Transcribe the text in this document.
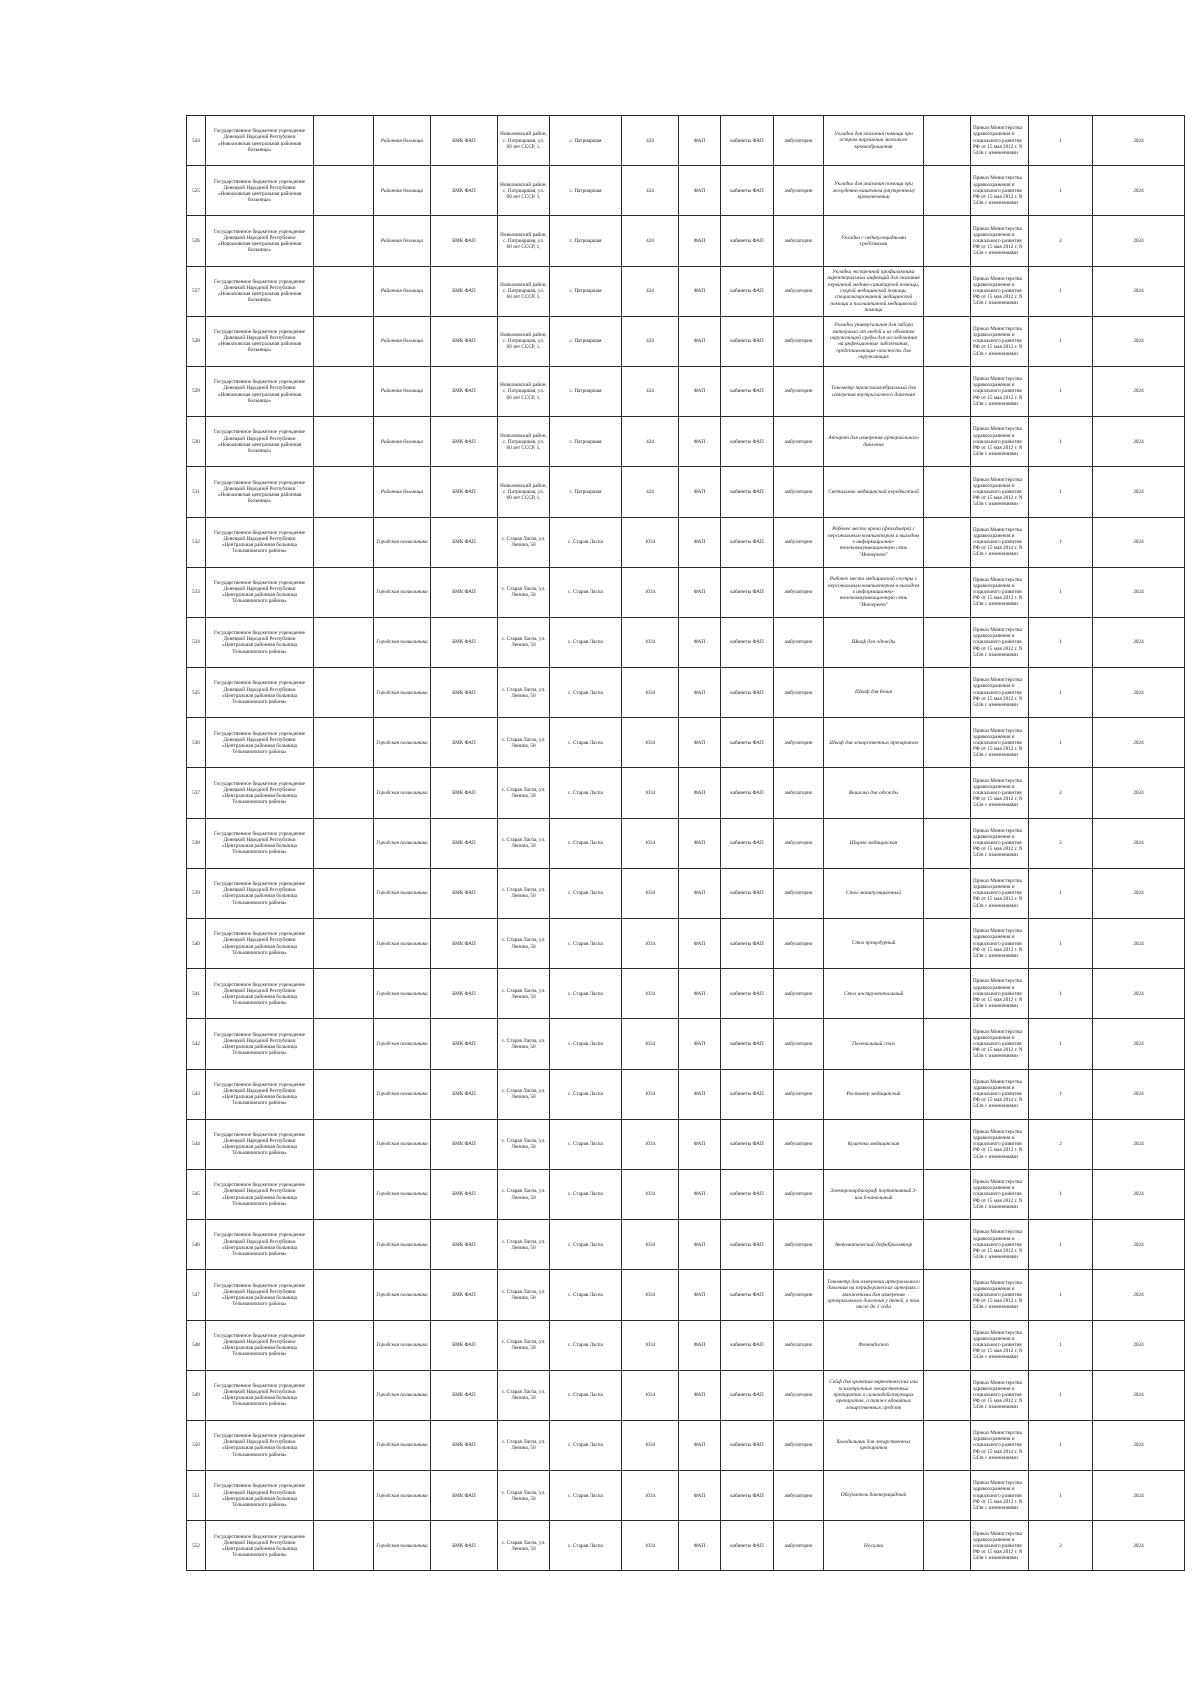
524	Государственное бюджетное учреждение Донецкой Народной Республики «Новоазовская центральная районная больница»		Районная больница	БМК ФАП	Новоазовский район, с. Патриаршая, ул. 60 лет СССР, 1,	с. Патриаршая	424	ФАП	кабинеты ФАП	амбулаторно	Укладка для оказания помощи при остром нарушении мозгового кровообращения		Приказ Министерства здравоохранения и социального развития РФ от 15 мая 2012 г. N 543н с изменениями	1	2024
525	Государственное бюджетное учреждение Донецкой Народной Республики «Новоазовская центральная районная больница»		Районная больница	БМК ФАП	Новоазовский район, с. Патриаршая, ул. 60 лет СССР, 1,	с. Патриаршая	424	ФАП	кабинеты ФАП	амбулаторно	Укладка для оказания помощи при желудочно-кишечном (внутреннем) кровотечении		Приказ Министерства здравоохранения и социального развития РФ от 15 мая 2012 г. N 543н с изменениями	1	2024
526	Государственное бюджетное учреждение Донецкой Народной Республики «Новоазовская центральная районная больница»		Районная больница	БМК ФАП	Новоазовский район, с. Патриаршая, ул. 60 лет СССР, 1,	с. Патриаршая	424	ФАП	кабинеты ФАП	амбулаторно	Укладка с педикулоцидными средствами		Приказ Министерства здравоохранения и социального развития РФ от 15 мая 2012 г. N 543н с изменениями	2	2024
527	Государственное бюджетное учреждение Донецкой Народной Республики «Новоазовская центральная районная больница»		Районная больница	БМК ФАП	Новоазовский район, с. Патриаршая, ул. 60 лет СССР, 1,	с. Патриаршая	424	ФАП	кабинеты ФАП	амбулаторно	Укладка экстренной профилактики парентеральных инфекций для оказания первичной медико-санитарной помощи, скорой медицинской помощи, специализированной медицинской помощи и паллиативной медицинской помощи		Приказ Министерства здравоохранения и социального развития РФ от 15 мая 2012 г. N 543н с изменениями	1	2024
528	Государственное бюджетное учреждение Донецкой Народной Республики «Новоазовская центральная районная больница»		Районная больница	БМК ФАП	Новоазовский район, с. Патриаршая, ул. 60 лет СССР, 1,	с. Патриаршая	424	ФАП	кабинеты ФАП	амбулаторно	Укладка универсальная для забора материала от людей и из объектов окружающей среды для исследования на инфекционные заболевания, представляющие опасность для окружающих		Приказ Министерства здравоохранения и социального развития РФ от 15 мая 2012 г. N 543н с изменениями	1	2024
529	Государственное бюджетное учреждение Донецкой Народной Республики «Новоазовская центральная районная больница»		Районная больница	БМК ФАП	Новоазовский район, с. Патриаршая, ул. 60 лет СССР, 1,	с. Патриаршая	424	ФАП	кабинеты ФАП	амбулаторно	Тонометр транспальпебральный для измерения внутриглазного давления		Приказ Министерства здравоохранения и социального развития РФ от 15 мая 2012 г. N 543н с изменениями	1	2024
530	Государственное бюджетное учреждение Донецкой Народной Республики «Новоазовская центральная районная больница»		Районная больница	БМК ФАП	Новоазовский район, с. Патриаршая, ул. 60 лет СССР, 1,	с. Патриаршая	424	ФАП	кабинеты ФАП	амбулаторно	Аппарат для измерения артериального давления		Приказ Министерства здравоохранения и социального развития РФ от 15 мая 2012 г. N 543н с изменениями	1	2024
531	Государственное бюджетное учреждение Донецкой Народной Республики «Новоазовская центральная районная больница»		Районная больница	БМК ФАП	Новоазовский район, с. Патриаршая, ул. 60 лет СССР, 1,	с. Патриаршая	424	ФАП	кабинеты ФАП	амбулаторно	Светильник медицинский передвижной		Приказ Министерства здравоохранения и социального развития РФ от 15 мая 2012 г. N 543н с изменениями	1	2024
532	Государственное бюджетное учреждение Донецкой Народной Республики «Центральная районная больница Тельмановского района»		Городская поликлиника	БМК ФАП	с. Старая Ласпа, ул. Ленина, 50	с. Старая Ласпа	1034	ФАП	кабинеты ФАП	амбулаторно	Рабочее место врача (фельдшера) с персональным компьютером и выходом в информационно-телекоммуникационную сеть "Интернет"		Приказ Министерства здравоохранения и социального развития РФ от 15 мая 2012 г. N 543н с изменениями	1	2024
533	Государственное бюджетное учреждение Донецкой Народной Республики «Центральная районная больница Тельмановского района»		Городская поликлиника	БМК ФАП	с. Старая Ласпа, ул. Ленина, 50	с. Старая Ласпа	1034	ФАП	кабинеты ФАП	амбулаторно	Рабочее место медицинской сестры с персональным компьютером и выходом в информационно-телекоммуникационную сеть "Интернет"		Приказ Министерства здравоохранения и социального развития РФ от 15 мая 2012 г. N 543н с изменениями	1	2024
534	Государственное бюджетное учреждение Донецкой Народной Республики «Центральная районная больница Тельмановского района»		Городская поликлиника	БМК ФАП	с. Старая Ласпа, ул. Ленина, 50	с. Старая Ласпа	1034	ФАП	кабинеты ФАП	амбулаторно	Шкаф для одежды		Приказ Министерства здравоохранения и социального развития РФ от 15 мая 2012 г. N 543н с изменениями	1	2024
535	Государственное бюджетное учреждение Донецкой Народной Республики «Центральная районная больница Тельмановского района»		Городская поликлиника	БМК ФАП	с. Старая Ласпа, ул. Ленина, 50	с. Старая Ласпа	1034	ФАП	кабинеты ФАП	амбулаторно	Шкаф для белья		Приказ Министерства здравоохранения и социального развития РФ от 15 мая 2012 г. N 543н с изменениями	1	2024
536	Государственное бюджетное учреждение Донецкой Народной Республики «Центральная районная больница Тельмановского района»		Городская поликлиника	БМК ФАП	с. Старая Ласпа, ул. Ленина, 50	с. Старая Ласпа	1034	ФАП	кабинеты ФАП	амбулаторно	Шкаф для лекарственных препаратов		Приказ Министерства здравоохранения и социального развития РФ от 15 мая 2012 г. N 543н с изменениями	1	2024
537	Государственное бюджетное учреждение Донецкой Народной Республики «Центральная районная больница Тельмановского района»		Городская поликлиника	БМК ФАП	с. Старая Ласпа, ул. Ленина, 50	с. Старая Ласпа	1034	ФАП	кабинеты ФАП	амбулаторно	Вешалка для одежды		Приказ Министерства здравоохранения и социального развития РФ от 15 мая 2012 г. N 543н с изменениями	2	2024
538	Государственное бюджетное учреждение Донецкой Народной Республики «Центральная районная больница Тельмановского района»		Городская поликлиника	БМК ФАП	с. Старая Ласпа, ул. Ленина, 50	с. Старая Ласпа	1034	ФАП	кабинеты ФАП	амбулаторно	Ширма медицинская		Приказ Министерства здравоохранения и социального развития РФ от 15 мая 2012 г. N 543н с изменениями	2	2024
539	Государственное бюджетное учреждение Донецкой Народной Республики «Центральная районная больница Тельмановского района»		Городская поликлиника	БМК ФАП	с. Старая Ласпа, ул. Ленина, 50	с. Старая Ласпа	1034	ФАП	кабинеты ФАП	амбулаторно	Стол манипуляционный		Приказ Министерства здравоохранения и социального развития РФ от 15 мая 2012 г. N 543н с изменениями	1	2024
540	Государственное бюджетное учреждение Донецкой Народной Республики «Центральная районная больница Тельмановского района»		Городская поликлиника	БМК ФАП	с. Старая Ласпа, ул. Ленина, 50	с. Старая Ласпа	1034	ФАП	кабинеты ФАП	амбулаторно	Стол процедурный		Приказ Министерства здравоохранения и социального развития РФ от 15 мая 2012 г. N 543н с изменениями	1	2024
541	Государственное бюджетное учреждение Донецкой Народной Республики «Центральная районная больница Тельмановского района»		Городская поликлиника	БМК ФАП	с. Старая Ласпа, ул. Ленина, 50	с. Старая Ласпа	1034	ФАП	кабинеты ФАП	амбулаторно	Стол инструментальный		Приказ Министерства здравоохранения и социального развития РФ от 15 мая 2012 г. N 543н с изменениями	1	2024
542	Государственное бюджетное учреждение Донецкой Народной Республики «Центральная районная больница Тельмановского района»		Городская поликлиника	БМК ФАП	с. Старая Ласпа, ул. Ленина, 50	с. Старая Ласпа	1034	ФАП	кабинеты ФАП	амбулаторно	Пеленальный стол		Приказ Министерства здравоохранения и социального развития РФ от 15 мая 2012 г. N 543н с изменениями	1	2024
543	Государственное бюджетное учреждение Донецкой Народной Республики «Центральная районная больница Тельмановского района»		Городская поликлиника	БМК ФАП	с. Старая Ласпа, ул. Ленина, 50	с. Старая Ласпа	1034	ФАП	кабинеты ФАП	амбулаторно	Ростомер медицинский		Приказ Министерства здравоохранения и социального развития РФ от 15 мая 2012 г. N 543н с изменениями	1	2024
544	Государственное бюджетное учреждение Донецкой Народной Республики «Центральная районная больница Тельмановского района»		Городская поликлиника	БМК ФАП	с. Старая Ласпа, ул. Ленина, 50	с. Старая Ласпа	1034	ФАП	кабинеты ФАП	амбулаторно	Кушетка медицинская		Приказ Министерства здравоохранения и социального развития РФ от 15 мая 2012 г. N 543н с изменениями	2	2024
545	Государственное бюджетное учреждение Донецкой Народной Республики «Центральная районная больница Тельмановского района»		Городская поликлиника	БМК ФАП	с. Старая Ласпа, ул. Ленина, 50	с. Старая Ласпа	1034	ФАП	кабинеты ФАП	амбулаторно	Электрокардиограф портативный 3- или 6-канальный		Приказ Министерства здравоохранения и социального развития РФ от 15 мая 2012 г. N 543н с изменениями	1	2024
546	Государственное бюджетное учреждение Донецкой Народной Республики «Центральная районная больница Тельмановского района»		Городская поликлиника	БМК ФАП	с. Старая Ласпа, ул. Ленина, 50	с. Старая Ласпа	1034	ФАП	кабинеты ФАП	амбулаторно	Автоматический дефибриллятор		Приказ Министерства здравоохранения и социального развития РФ от 15 мая 2012 г. N 543н с изменениями	1	2024
547	Государственное бюджетное учреждение Донецкой Народной Республики «Центральная районная больница Тельмановского района»		Городская поликлиника	БМК ФАП	с. Старая Ласпа, ул. Ленина, 50	с. Старая Ласпа	1034	ФАП	кабинеты ФАП	амбулаторно	Тонометр для измерения артериального давления на периферических артериях с манжетами для измерения артериального давления у детей, в том числе до 1 года		Приказ Министерства здравоохранения и социального развития РФ от 15 мая 2012 г. N 543н с изменениями	1	2024
548	Государственное бюджетное учреждение Донецкой Народной Республики «Центральная районная больница Тельмановского района»		Городская поликлиника	БМК ФАП	с. Старая Ласпа, ул. Ленина, 50	с. Старая Ласпа	1034	ФАП	кабинеты ФАП	амбулаторно	Фонендоскоп		Приказ Министерства здравоохранения и социального развития РФ от 15 мая 2012 г. N 543н с изменениями	1	2024
549	Государственное бюджетное учреждение Донецкой Народной Республики «Центральная районная больница Тельмановского района»		Городская поликлиника	БМК ФАП	с. Старая Ласпа, ул. Ленина, 50	с. Старая Ласпа	1034	ФАП	кабинеты ФАП	амбулаторно	Сейф для хранения наркотических или психотропных лекарственных препаратов и сильнодействующих препаратов, а также ядовитых лекарственных средств		Приказ Министерства здравоохранения и социального развития РФ от 15 мая 2012 г. N 543н с изменениями	1	2024
550	Государственное бюджетное учреждение Донецкой Народной Республики «Центральная районная больница Тельмановского района»		Городская поликлиника	БМК ФАП	с. Старая Ласпа, ул. Ленина, 50	с. Старая Ласпа	1034	ФАП	кабинеты ФАП	амбулаторно	Холодильник для лекарственных препаратов		Приказ Министерства здравоохранения и социального развития РФ от 15 мая 2012 г. N 543н с изменениями	1	2024
551	Государственное бюджетное учреждение Донецкой Народной Республики «Центральная районная больница Тельмановского района»		Городская поликлиника	БМК ФАП	с. Старая Ласпа, ул. Ленина, 50	с. Старая Ласпа	1034	ФАП	кабинеты ФАП	амбулаторно	Облучатель бактерицидный		Приказ Министерства здравоохранения и социального развития РФ от 15 мая 2012 г. N 543н с изменениями	1	2024
552	Государственное бюджетное учреждение Донецкой Народной Республики «Центральная районная больница Тельмановского района»		Городская поликлиника	БМК ФАП	с. Старая Ласпа, ул. Ленина, 50	с. Старая Ласпа	1034	ФАП	кабинеты ФАП	амбулаторно	Носилки		Приказ Министерства здравоохранения и социального развития РФ от 15 мая 2012 г. N 543н с изменениями	2	2024
